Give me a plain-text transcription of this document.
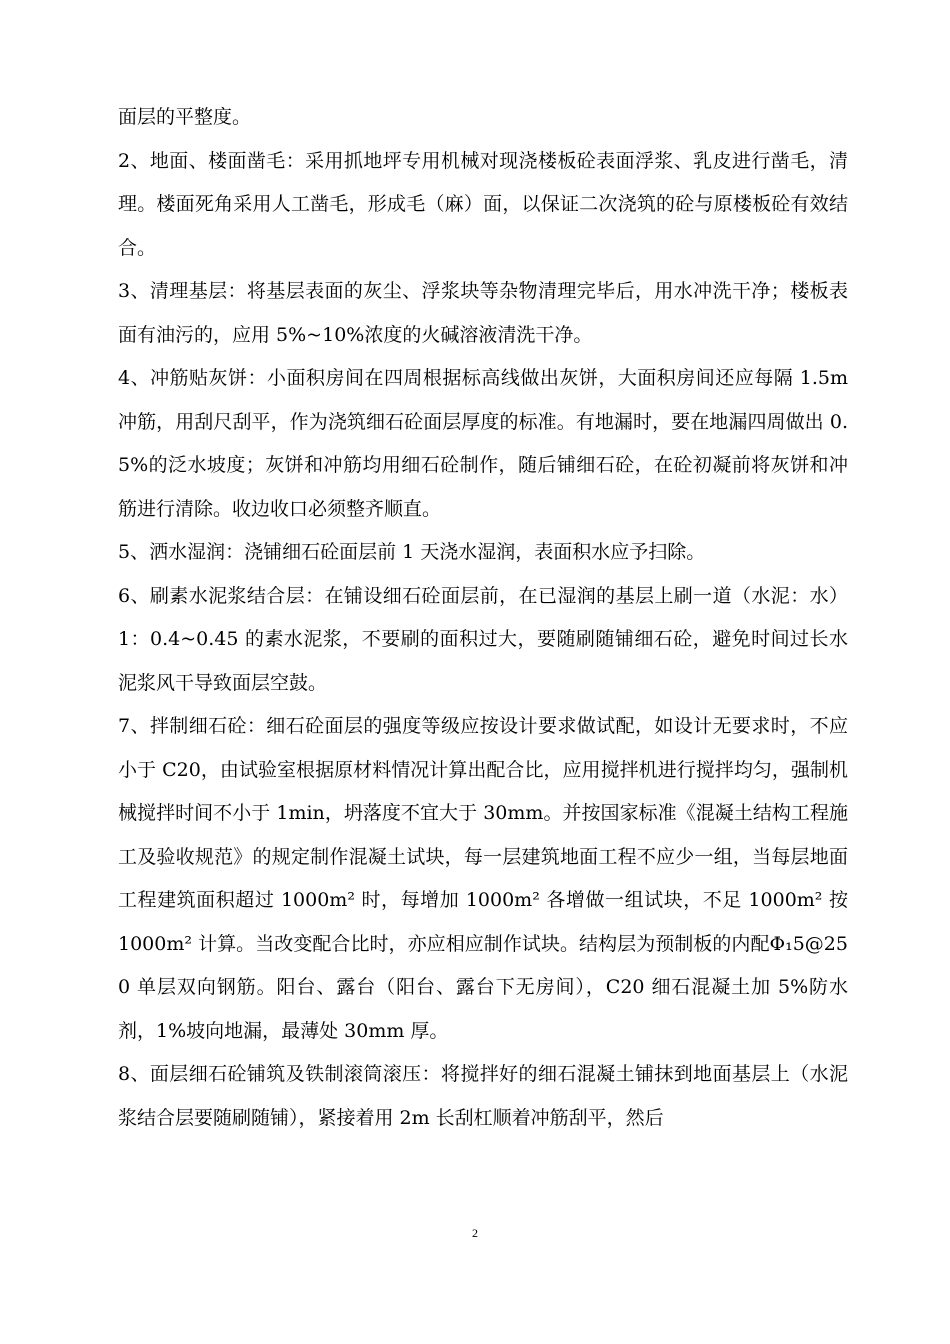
面层的平整度。

2、地面、楼面凿毛：采用抓地坪专用机械对现浇楼板砼表面浮浆、乳皮进行凿毛，清理。楼面死角采用人工凿毛，形成毛（麻）面，以保证二次浇筑的砼与原楼板砼有效结合。

3、清理基层：将基层表面的灰尘、浮浆块等杂物清理完毕后，用水冲洗干净；楼板表面有油污的，应用 5%~10%浓度的火碱溶液清洗干净。

4、冲筋贴灰饼：小面积房间在四周根据标高线做出灰饼，大面积房间还应每隔 1.5m 冲筋，用刮尺刮平，作为浇筑细石砼面层厚度的标准。有地漏时，要在地漏四周做出 0.5%的泛水坡度；灰饼和冲筋均用细石砼制作，随后铺细石砼，在砼初凝前将灰饼和冲筋进行清除。收边收口必须整齐顺直。

5、洒水湿润：浇铺细石砼面层前 1 天浇水湿润，表面积水应予扫除。

6、刷素水泥浆结合层：在铺设细石砼面层前，在已湿润的基层上刷一道（水泥：水）1：0.4~0.45 的素水泥浆，不要刷的面积过大，要随刷随铺细石砼，避免时间过长水泥浆风干导致面层空鼓。

7、拌制细石砼：细石砼面层的强度等级应按设计要求做试配，如设计无要求时，不应小于 C20，由试验室根据原材料情况计算出配合比，应用搅拌机进行搅拌均匀，强制机械搅拌时间不小于 1min，坍落度不宜大于 30mm。并按国家标准《混凝土结构工程施工及验收规范》的规定制作混凝土试块，每一层建筑地面工程不应少一组，当每层地面工程建筑面积超过 1000m² 时，每增加 1000m² 各增做一组试块，不足 1000m² 按 1000m² 计算。当改变配合比时，亦应相应制作试块。结构层为预制板的内配Φ₁5@250 单层双向钢筋。阳台、露台（阳台、露台下无房间），C20 细石混凝土加 5%防水剂，1%坡向地漏，最薄处 30mm 厚。

8、面层细石砼铺筑及铁制滚筒滚压：将搅拌好的细石混凝土铺抹到地面基层上（水泥浆结合层要随刷随铺），紧接着用 2m 长刮杠顺着冲筋刮平，然后

2
